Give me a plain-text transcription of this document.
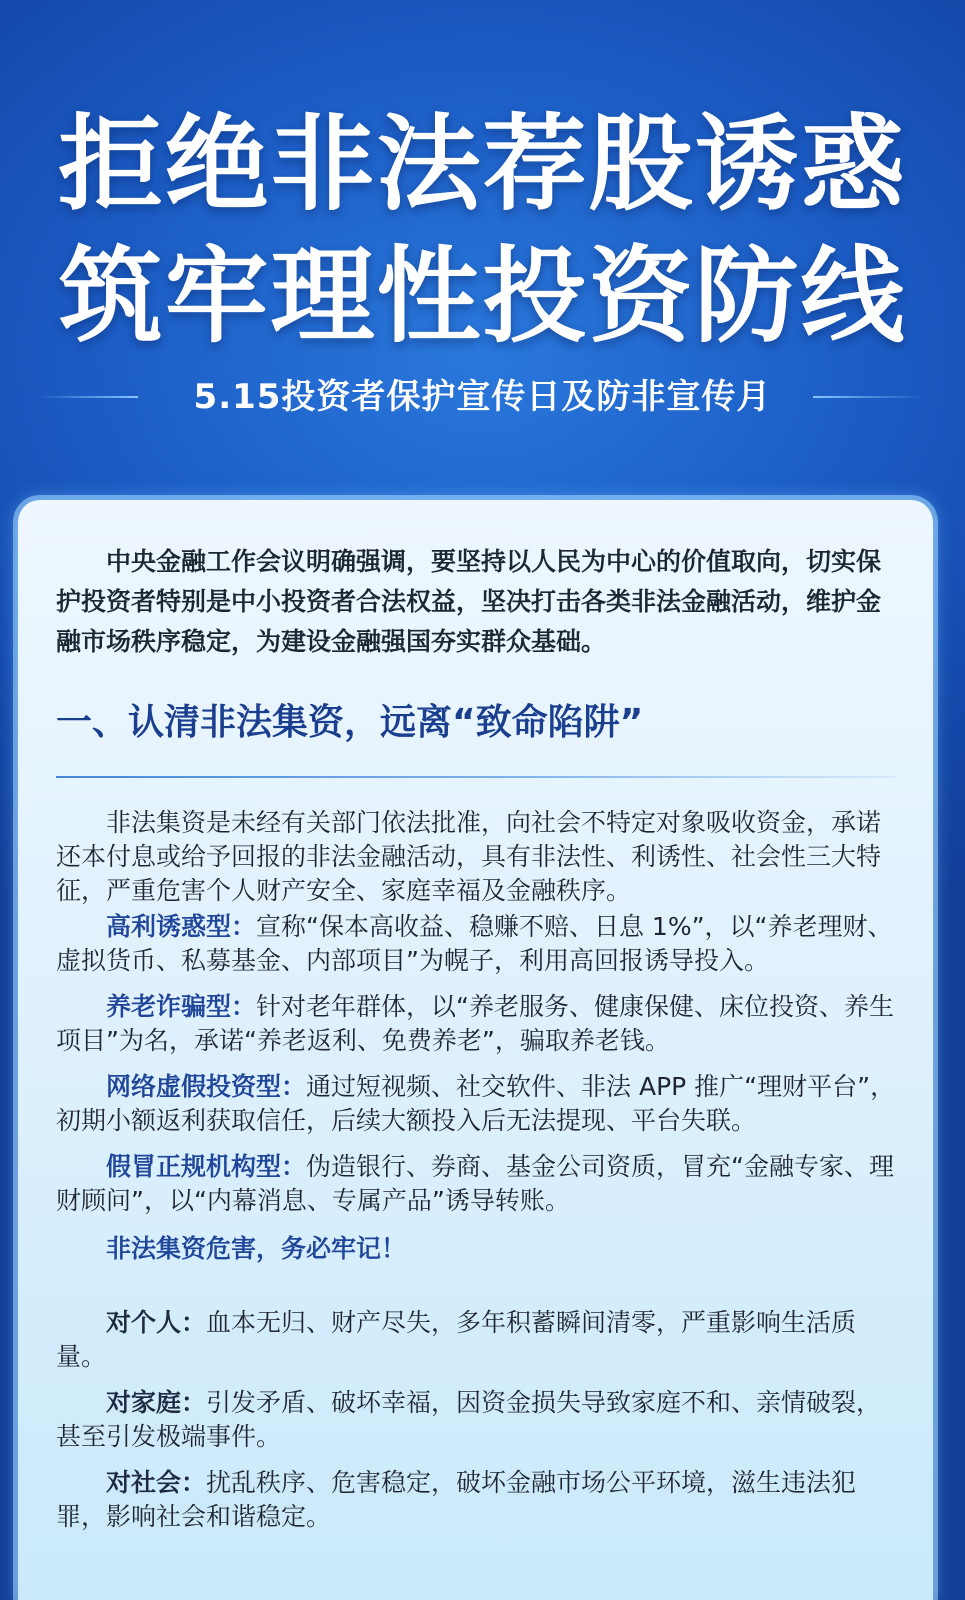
拒绝非法荐股诱惑
筑牢理性投资防线
5.15投资者保护宣传日及防非宣传月

　　中央金融工作会议明确强调，要坚持以人民为中心的价值取向，切实保护投资者特别是中小投资者合法权益，坚决打击各类非法金融活动，维护金融市场秩序稳定，为建设金融强国夯实群众基础。

一、认清非法集资，远离“致命陷阱”

　　非法集资是未经有关部门依法批准，向社会不特定对象吸收资金，承诺还本付息或给予回报的非法金融活动，具有非法性、利诱性、社会性三大特征，严重危害个人财产安全、家庭幸福及金融秩序。

　　高利诱惑型：宣称“保本高收益、稳赚不赔、日息 1%”，以“养老理财、虚拟货币、私募基金、内部项目”为幌子，利用高回报诱导投入。

　　养老诈骗型：针对老年群体，以“养老服务、健康保健、床位投资、养生项目”为名，承诺“养老返利、免费养老”，骗取养老钱。

　　网络虚假投资型：通过短视频、社交软件、非法 APP 推广“理财平台”，初期小额返利获取信任，后续大额投入后无法提现、平台失联。

　　假冒正规机构型：伪造银行、券商、基金公司资质，冒充“金融专家、理财顾问”，以“内幕消息、专属产品”诱导转账。

　　非法集资危害，务必牢记！

　　对个人：血本无归、财产尽失，多年积蓄瞬间清零，严重影响生活质量。

　　对家庭：引发矛盾、破坏幸福，因资金损失导致家庭不和、亲情破裂，甚至引发极端事件。

　　对社会：扰乱秩序、危害稳定，破坏金融市场公平环境，滋生违法犯罪，影响社会和谐稳定。
